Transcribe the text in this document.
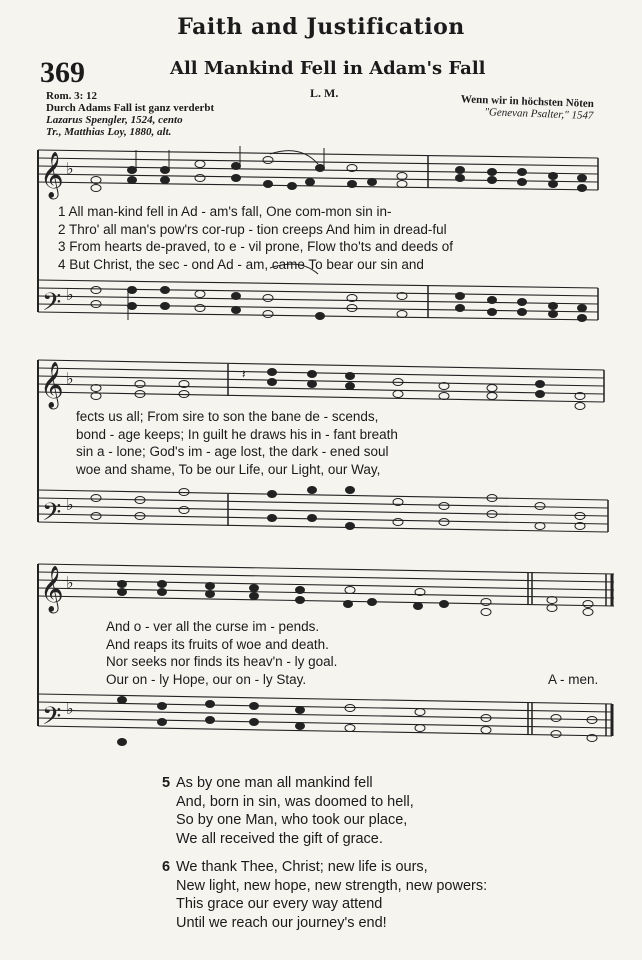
Faith and Justification
369	All Mankind Fell in Adam's Fall
L. M.
Rom. 3: 12
Durch Adams Fall ist ganz verderbt
Lazarus Spengler, 1524, cento
Tr., Matthias Loy, 1880, alt.
Wenn wir in höchsten Nöten
"Genevan Psalter," 1547
𝄞
𝄢
♭
♭
1 All man-kind fell in Ad - am's fall, One com-mon sin in-
2 Thro' all man's pow'rs cor-rup - tion creeps And him in dread-ful
3 From hearts de-praved, to e - vil prone, Flow tho'ts and deeds of
4 But Christ, the sec - ond Ad - am, came To bear our sin and
𝄞
𝄢
♭
♭
𝄽
fects us all; From sire to son the bane de - scends,
bond - age keeps; In guilt he draws his in - fant breath
sin a - lone; God's im - age lost, the dark - ened soul
woe and shame, To be our Life, our Light, our Way,
𝄞
𝄢
♭
♭
And o - ver all the curse im - pends.
And reaps its fruits of woe and death.
Nor seeks nor finds its heav'n - ly goal.
Our on - ly Hope, our on - ly Stay.	A - men.
5 As by one man all mankind fell
And, born in sin, was doomed to hell,
So by one Man, who took our place,
We all received the gift of grace.
6 We thank Thee, Christ; new life is ours,
New light, new hope, new strength, new powers:
This grace our every way attend
Until we reach our journey's end!
